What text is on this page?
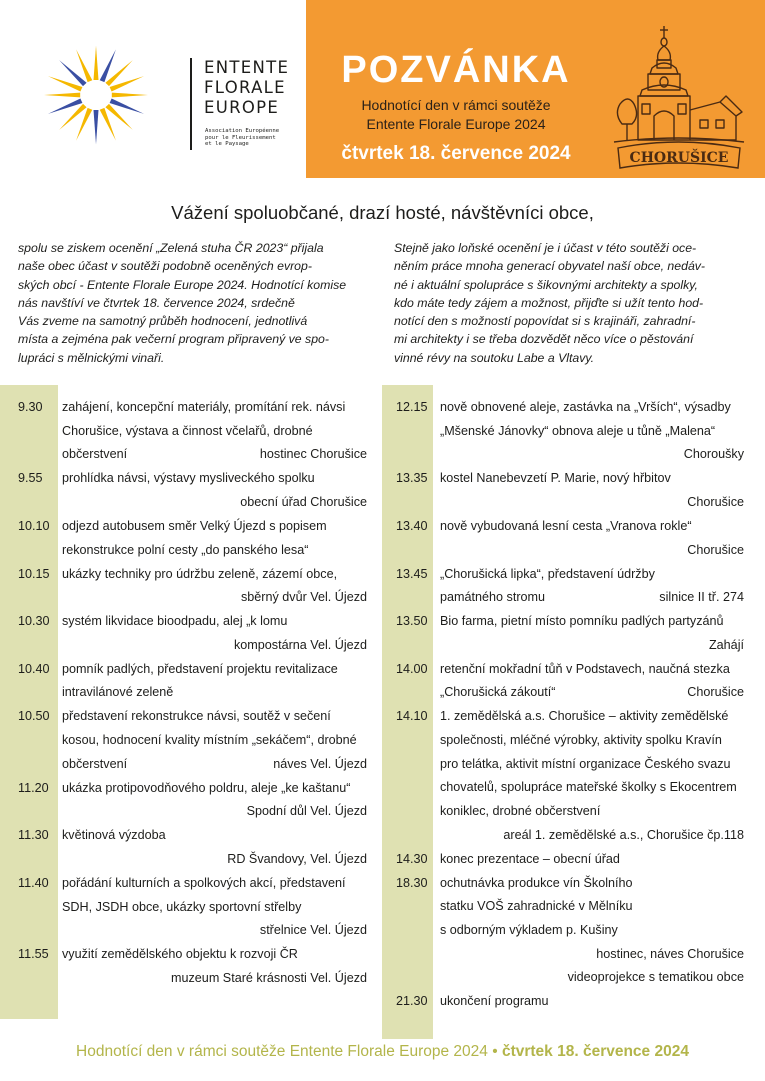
ENTENTE
FLORALE
EUROPE
Association Européenne
pour le Fleurissement
et le Paysage
POZVÁNKA
Hodnotící den v rámci soutěže
Entente Florale Europe 2024
čtvrtek 18. července 2024	CHORUŠICE
Vážení spoluobčané, drazí hosté, návštěvníci obce,
spolu se ziskem ocenění „Zelená stuha ČR 2023“ přijala
naše obec účast v soutěži podobně oceněných evrop-
ských obcí - Entente Florale Europe 2024. Hodnotící komise
nás navštíví ve čtvrtek 18. července 2024, srdečně
Vás zveme na samotný průběh hodnocení, jednotlivá
místa a zejména pak večerní program připravený ve spo-
lupráci s mělnickými vinaři.
Stejně jako loňské ocenění je i účast v této soutěži oce-
něním práce mnoha generací obyvatel naší obce, nedáv-
né i aktuální spolupráce s šikovnými architekty a spolky,
kdo máte tedy zájem a možnost, přijďte si užít tento hod-
notící den s možností popovídat si s krajináři, zahradní-
mi architekty i se třeba dozvědět něco více o pěstování
vinné révy na soutoku Labe a Vltavy.
9.30 zahájení, koncepční materiály, promítání rek. návsi
Chorušice, výstava a činnost včelařů, drobné
občerstvení	hostinec Chorušice
9.55 prohlídka návsi, výstavy mysliveckého spolku
obecní úřad Chorušice
10.10 odjezd autobusem směr Velký Újezd s popisem
rekonstrukce polní cesty „do panského lesa“
10.15 ukázky techniky pro údržbu zeleně, zázemí obce,
sběrný dvůr Vel. Újezd
10.30 systém likvidace bioodpadu, alej „k lomu
kompostárna Vel. Újezd
10.40 pomník padlých, představení projektu revitalizace
intravilánové zeleně
10.50 představení rekonstrukce návsi, soutěž v sečení
kosou, hodnocení kvality místním „sekáčem“, drobné
občerstvení	náves Vel. Újezd
11.20 ukázka protipovodňového poldru, aleje „ke kaštanu“
Spodní důl Vel. Újezd
11.30 květinová výzdoba
RD Švandovy, Vel. Újezd
11.40 pořádání kulturních a spolkových akcí, představení
SDH, JSDH obce, ukázky sportovní střelby
střelnice Vel. Újezd
11.55 využití zemědělského objektu k rozvoji ČR
muzeum Staré krásnosti Vel. Újezd
12.15 nově obnovené aleje, zastávka na „Vrších“, výsadby
„Mšenské Jánovky“ obnova aleje u tůně „Malena“
Choroušky
13.35 kostel Nanebevzetí P. Marie, nový hřbitov
Chorušice
13.40 nově vybudovaná lesní cesta „Vranova rokle“
Chorušice
13.45 „Chorušická lipka“, představení údržby
památného stromu	silnice II tř. 274
13.50 Bio farma, pietní místo pomníku padlých partyzánů
Zahájí
14.00 retenční mokřadní tůň v Podstavech, naučná stezka
„Chorušická zákoutí“	Chorušice
14.10 1. zemědělská a.s. Chorušice – aktivity zemědělské
společnosti, mléčné výrobky, aktivity spolku Kravín
pro telátka, aktivit místní organizace Českého svazu
chovatelů, spolupráce mateřské školky s Ekocentrem
koniklec, drobné občerstvení
areál 1. zemědělské a.s., Chorušice čp.118
14.30 konec prezentace – obecní úřad
18.30 ochutnávka produkce vín Školního
statku VOŠ zahradnické v Mělníku
s odborným výkladem p. Kušiny
hostinec, náves Chorušice
videoprojekce s tematikou obce
21.30 ukončení programu
Hodnotící den v rámci soutěže Entente Florale Europe 2024 • čtvrtek 18. července 2024
